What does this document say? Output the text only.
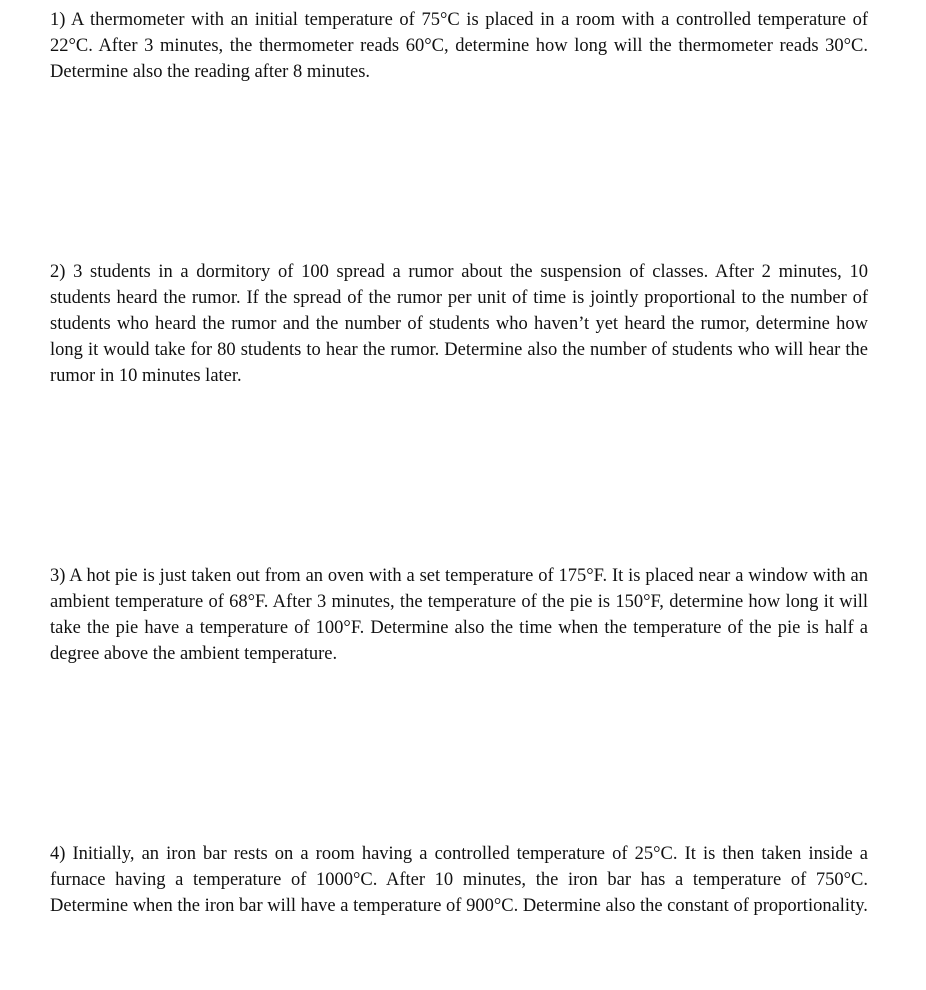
1) A thermometer with an initial temperature of 75°C is placed in a room with a controlled temperature of 22°C. After 3 minutes, the thermometer reads 60°C, determine how long will the thermometer reads 30°C. Determine also the reading after 8 minutes.

2) 3 students in a dormitory of 100 spread a rumor about the suspension of classes. After 2 minutes, 10 students heard the rumor. If the spread of the rumor per unit of time is jointly proportional to the number of students who heard the rumor and the number of students who haven’t yet heard the rumor, determine how long it would take for 80 students to hear the rumor. Determine also the number of students who will hear the rumor in 10 minutes later.

3) A hot pie is just taken out from an oven with a set temperature of 175°F. It is placed near a window with an ambient temperature of 68°F. After 3 minutes, the temperature of the pie is 150°F, determine how long it will take the pie have a temperature of 100°F. Determine also the time when the temperature of the pie is half a degree above the ambient temperature.

4) Initially, an iron bar rests on a room having a controlled temperature of 25°C. It is then taken inside a furnace having a temperature of 1000°C. After 10 minutes, the iron bar has a temperature of 750°C. Determine when the iron bar will have a temperature of 900°C. Determine also the constant of proportionality.
